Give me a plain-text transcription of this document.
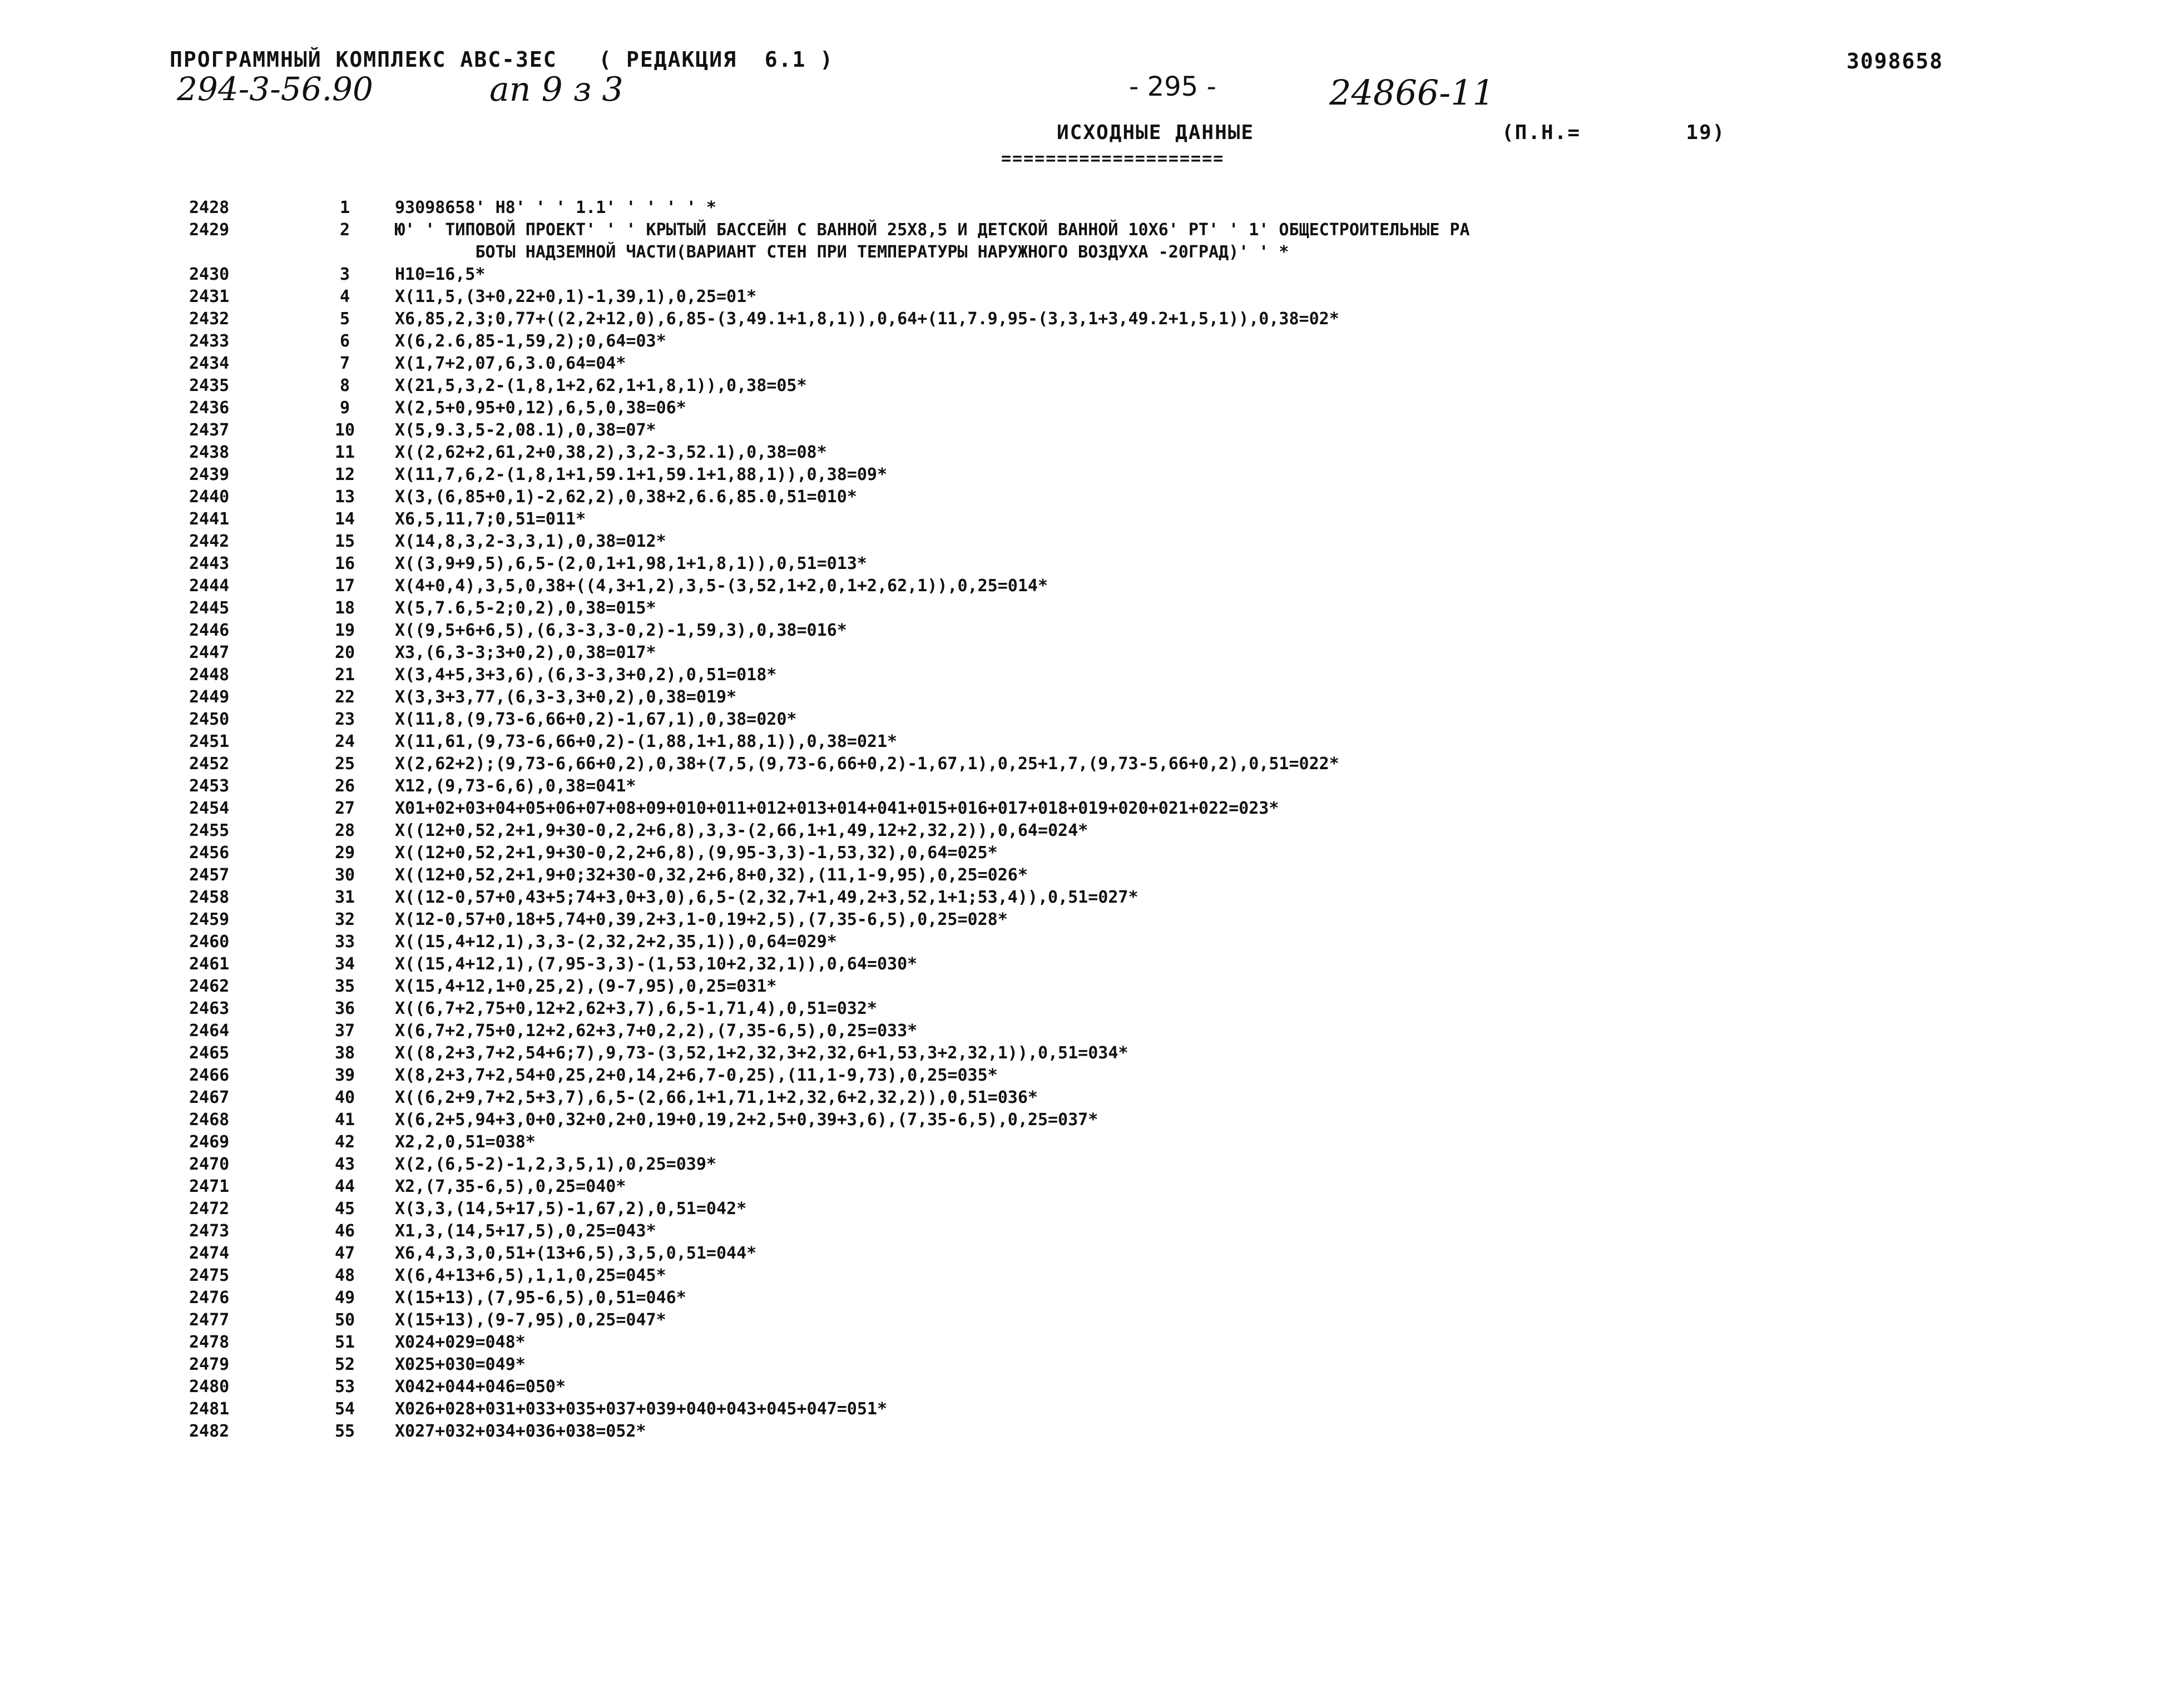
ПРОГРАММНЫЙ КОМПЛЕКС АВС-3ЕС   ( РЕДАКЦИЯ  6.1 )	3098658
294-3-56.90	ап 9 з 3	- 295 -	24866-11
ИСХОДНЫЕ ДАННЫЕ	(П.Н.=        19)
====================
2428	1	93098658' Н8' ' ' 1.1' ' ' ' ' *
2429	2	Ю' ' ТИПОВОЙ ПРОЕКТ' ' ' КРЫТЫЙ БАССЕЙН С ВАННОЙ 25Х8,5 И ДЕТСКОЙ ВАННОЙ 10Х6' РТ' ' 1' ОБЩЕСТРОИТЕЛЬНЫЕ РА
БОТЫ НАДЗЕМНОЙ ЧАСТИ(ВАРИАНТ СТЕН ПРИ ТЕМПЕРАТУРЫ НАРУЖНОГО ВОЗДУХА -20ГРАД)' ' *
2430	3	Н10=16,5*
2431	4	Х(11,5,(3+0,22+0,1)-1,39,1),0,25=01*
2432	5	Х6,85,2,3;0,77+((2,2+12,0),6,85-(3,49.1+1,8,1)),0,64+(11,7.9,95-(3,3,1+3,49.2+1,5,1)),0,38=02*
2433	6	Х(6,2.6,85-1,59,2);0,64=03*
2434	7	Х(1,7+2,07,6,3.0,64=04*
2435	8	Х(21,5,3,2-(1,8,1+2,62,1+1,8,1)),0,38=05*
2436	9	Х(2,5+0,95+0,12),6,5,0,38=06*
2437	10	Х(5,9.3,5-2,08.1),0,38=07*
2438	11	Х((2,62+2,61,2+0,38,2),3,2-3,52.1),0,38=08*
2439	12	Х(11,7,6,2-(1,8,1+1,59.1+1,59.1+1,88,1)),0,38=09*
2440	13	Х(3,(6,85+0,1)-2,62,2),0,38+2,6.6,85.0,51=010*
2441	14	Х6,5,11,7;0,51=011*
2442	15	Х(14,8,3,2-3,3,1),0,38=012*
2443	16	Х((3,9+9,5),6,5-(2,0,1+1,98,1+1,8,1)),0,51=013*
2444	17	Х(4+0,4),3,5,0,38+((4,3+1,2),3,5-(3,52,1+2,0,1+2,62,1)),0,25=014*
2445	18	Х(5,7.6,5-2;0,2),0,38=015*
2446	19	Х((9,5+6+6,5),(6,3-3,3-0,2)-1,59,3),0,38=016*
2447	20	Х3,(6,3-3;3+0,2),0,38=017*
2448	21	Х(3,4+5,3+3,6),(6,3-3,3+0,2),0,51=018*
2449	22	Х(3,3+3,77,(6,3-3,3+0,2),0,38=019*
2450	23	Х(11,8,(9,73-6,66+0,2)-1,67,1),0,38=020*
2451	24	Х(11,61,(9,73-6,66+0,2)-(1,88,1+1,88,1)),0,38=021*
2452	25	Х(2,62+2);(9,73-6,66+0,2),0,38+(7,5,(9,73-6,66+0,2)-1,67,1),0,25+1,7,(9,73-5,66+0,2),0,51=022*
2453	26	Х12,(9,73-6,6),0,38=041*
2454	27	Х01+02+03+04+05+06+07+08+09+010+011+012+013+014+041+015+016+017+018+019+020+021+022=023*
2455	28	Х((12+0,52,2+1,9+30-0,2,2+6,8),3,3-(2,66,1+1,49,12+2,32,2)),0,64=024*
2456	29	Х((12+0,52,2+1,9+30-0,2,2+6,8),(9,95-3,3)-1,53,32),0,64=025*
2457	30	Х((12+0,52,2+1,9+0;32+30-0,32,2+6,8+0,32),(11,1-9,95),0,25=026*
2458	31	Х((12-0,57+0,43+5;74+3,0+3,0),6,5-(2,32,7+1,49,2+3,52,1+1;53,4)),0,51=027*
2459	32	Х(12-0,57+0,18+5,74+0,39,2+3,1-0,19+2,5),(7,35-6,5),0,25=028*
2460	33	Х((15,4+12,1),3,3-(2,32,2+2,35,1)),0,64=029*
2461	34	Х((15,4+12,1),(7,95-3,3)-(1,53,10+2,32,1)),0,64=030*
2462	35	Х(15,4+12,1+0,25,2),(9-7,95),0,25=031*
2463	36	Х((6,7+2,75+0,12+2,62+3,7),6,5-1,71,4),0,51=032*
2464	37	Х(6,7+2,75+0,12+2,62+3,7+0,2,2),(7,35-6,5),0,25=033*
2465	38	Х((8,2+3,7+2,54+6;7),9,73-(3,52,1+2,32,3+2,32,6+1,53,3+2,32,1)),0,51=034*
2466	39	Х(8,2+3,7+2,54+0,25,2+0,14,2+6,7-0,25),(11,1-9,73),0,25=035*
2467	40	Х((6,2+9,7+2,5+3,7),6,5-(2,66,1+1,71,1+2,32,6+2,32,2)),0,51=036*
2468	41	Х(6,2+5,94+3,0+0,32+0,2+0,19+0,19,2+2,5+0,39+3,6),(7,35-6,5),0,25=037*
2469	42	Х2,2,0,51=038*
2470	43	Х(2,(6,5-2)-1,2,3,5,1),0,25=039*
2471	44	Х2,(7,35-6,5),0,25=040*
2472	45	Х(3,3,(14,5+17,5)-1,67,2),0,51=042*
2473	46	Х1,3,(14,5+17,5),0,25=043*
2474	47	Х6,4,3,3,0,51+(13+6,5),3,5,0,51=044*
2475	48	Х(6,4+13+6,5),1,1,0,25=045*
2476	49	Х(15+13),(7,95-6,5),0,51=046*
2477	50	Х(15+13),(9-7,95),0,25=047*
2478	51	Х024+029=048*
2479	52	Х025+030=049*
2480	53	Х042+044+046=050*
2481	54	Х026+028+031+033+035+037+039+040+043+045+047=051*
2482	55	Х027+032+034+036+038=052*
